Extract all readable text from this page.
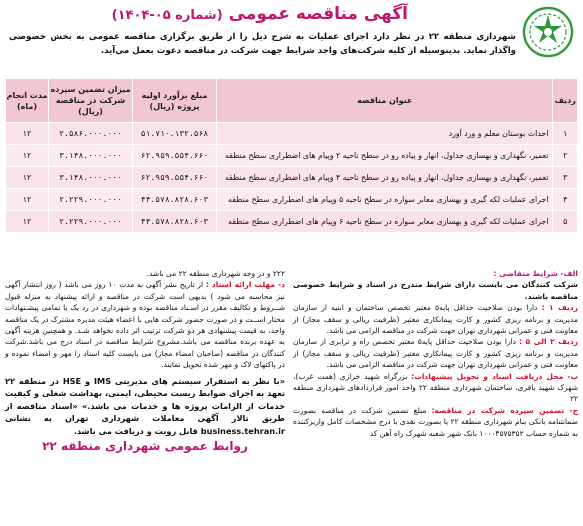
آگهی مناقصه عمومی (شماره ۰۵-۱۴۰۴)
شهرداری منطقه ۲۲ در نظر دارد اجرای عملیات به شرح ذیل را از طریق برگزاری مناقصه عمومی به بخش خصوصی واگذار نماید. بدینوسیله از کلیه شرکت‌های واجد شرایط جهت شرکت در مناقصه دعوت بعمل می‌آید.
ردیف	عنوان مناقصه	مبلغ برآورد اولیه پروژه (ریال)	میزان تضمین سپرده شرکت در مناقصه (ریال)	مدت انجام (ماه)
۱	احداث بوستان معلم و ورد آورد	۵۱.۷۱۰.۱۳۲.۵۶۸	۲.۵۸۶.۰۰۰.۰۰۰	۱۲
۲	تعمیر، نگهداری و بهسازی جداول، انهار و پیاده رو در سطح ناحیه ۲ وپیام های اضطراری سطح منطقه	۶۲.۹۵۹.۵۵۴.۶۶۰	۳.۱۴۸.۰۰۰.۰۰۰	۱۲
۳	تعمیر، نگهداری و بهسازی جداول، انهار و پیاده رو در سطح ناحیه ۴ وپیام های اضطراری سطح منطقه	۶۲.۹۵۹.۵۵۴.۶۶۰	۳.۱۴۸.۰۰۰.۰۰۰	۱۲
۴	اجرای عملیات لکه گیری و بهسازی معابر سواره در سطح ناحیه ۵ وپیام های اضطراری سطح منطقه	۴۴.۵۷۸.۸۲۸.۶۰۳	۲.۲۲۹.۰۰۰.۰۰۰	۱۲
۵	اجرای عملیات لکه گیری و بهسازی معابر سواره در سطح ناحیه ۶ وپیام های اضطراری سطح منطقه	۴۴.۵۷۸.۸۲۸.۶۰۳	۲.۲۲۹.۰۰۰.۰۰۰	۱۲

الف- شرایط متقاضی :

شرکت کنندگان می بایست دارای شرایط مندرج در اسناد و شرایط خصوصی مناقصه باشند.

ردیف ۱ : دارا بودن صلاحیت حداقل پایه۵ معتبر تخصص ساختمان و ابنیه از سازمان مدیریت و برنامه ریزی کشور و کارت پیمانکاری معتبر (ظرفیت ریالی و سقف مجاز) از معاونت فنی و عمرانی شهرداری تهران جهت شرکت در مناقصه الزامی می باشد.

ردیف ۲ الی ۵ : دارا بودن صلاحیت حداقل پایه۵ معتبر تخصص راه و ترابری از سازمان مدیریت و برنامه ریزی کشور و کارت پیمانکاری معتبر (ظرفیت ریالی و سقف مجاز) از معاونت فنی و عمرانی شهرداری تهران جهت شرکت در مناقصه الزامی می باشد.

ب- محل دریافت اسناد و تحویل پیشنهادات: بزرگراه شهید خرازی (همت غرب)، شهرک شهید باقری، ساختمان شهرداری منطقه ۲۲ واحد امور قراردادهای شهرداری منطقه ۲۲

ج- تضمین سپرده شرکت در مناقصه: مبلغ تضمین شرکت در مناقصه بصورت ضمانتنامه بانکی بنام شهرداری منطقه ۲۲ یا بصورت نقدی با درج مشخصات کامل واریزکننده به شماره حساب ۱۰۰۰۴۵۷۵۳۵۲ بانک شهر شعبه شهرک راه آهن کد

۲۲۲ و در وجه شهرداری منطقه ۲۲ می باشد.

د- مهلت ارائه اسناد : از تاریخ نشر آگهی به مدت ۱۰ روز می باشد ( روز انتشار آگهی نیز محاسبه می شود ) بدیهی است شرکت در مناقصه و ارائه پیشنهاد به منزله قبول شــروط و تکالیف مقرر در اسـناد مناقصه بوده و شهرداری در رد یک یا تمامی پیشـنهادات مختار اســت و در صورت حضور شرکت هایی با اعضاء هیئت مدیره مشترک در یک مناقصه واحد، به قیمت پیشنهادی هر دو شرکت ترتیب اثر داده نخواهد شـد. و همچنین هزینه آگهی به عهده برنده مناقصه می باشد.مشروح شرایط مناقصه در اسناد درج می باشد.شرکت کنندگان در مناقصه (صاحبان امضاء مجاز) می بایست کلیه اسناد را مهر و امضاء نموده و در پاکتهای لاک و مهر شده تحویل نمایند.

«با نظر به استقرار سیستم های مدیریتی IMS و HSE در منطقه ۲۲ تعهد به اجرای ضوابط زیست محیطی، ایمنی، بهداشت شغلی و کیفیت خدمات از الزامات پروژه ها و خدمات می باشد.» «اسناد مناقصه از طریق تالار آگهی معاملات شهرداری تهران به نشانی business.tehran.ir قابل رویت و دریافت می باشد.

روابط عمومی شهرداری منطقه ۲۲
